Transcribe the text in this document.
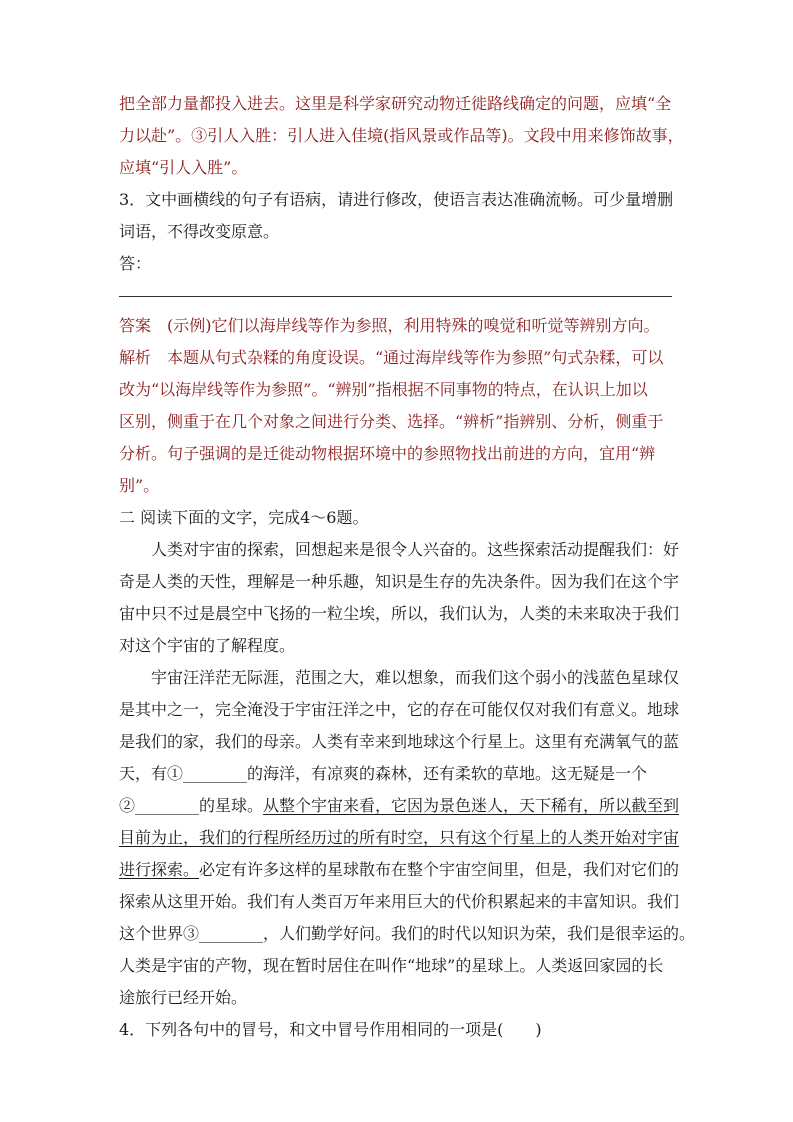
把全部力量都投入进去。这里是科学家研究动物迁徙路线确定的问题，应填“全
力以赴”。③引人入胜：引人进入佳境(指风景或作品等)。文段中用来修饰故事，
应填“引人入胜”。
3．文中画横线的句子有语病，请进行修改，使语言表达准确流畅。可少量增删
词语，不得改变原意。
答：
答案　(示例)它们以海岸线等作为参照，利用特殊的嗅觉和听觉等辨别方向。
解析　本题从句式杂糅的角度设误。“通过海岸线等作为参照”句式杂糅，可以
改为“以海岸线等作为参照”。“辨别”指根据不同事物的特点，在认识上加以
区别，侧重于在几个对象之间进行分类、选择。“辨析”指辨别、分析，侧重于
分析。句子强调的是迁徙动物根据环境中的参照物找出前进的方向，宜用“辨
别”。
二 阅读下面的文字，完成4～6题。
人类对宇宙的探索，回想起来是很令人兴奋的。这些探索活动提醒我们：好
奇是人类的天性，理解是一种乐趣，知识是生存的先决条件。因为我们在这个宇
宙中只不过是晨空中飞扬的一粒尘埃，所以，我们认为，人类的未来取决于我们
对这个宇宙的了解程度。
宇宙汪洋茫无际涯，范围之大，难以想象，而我们这个弱小的浅蓝色星球仅
是其中之一，完全淹没于宇宙汪洋之中，它的存在可能仅仅对我们有意义。地球
是我们的家，我们的母亲。人类有幸来到地球这个行星上。这里有充满氧气的蓝
天，有①________的海洋，有凉爽的森林，还有柔软的草地。这无疑是一个
②________的星球。从整个宇宙来看，它因为景色迷人，天下稀有，所以截至到
目前为止，我们的行程所经历过的所有时空，只有这个行星上的人类开始对宇宙
进行探索。必定有许多这样的星球散布在整个宇宙空间里，但是，我们对它们的
探索从这里开始。我们有人类百万年来用巨大的代价积累起来的丰富知识。我们
这个世界③________，人们勤学好问。我们的时代以知识为荣，我们是很幸运的。
人类是宇宙的产物，现在暂时居住在叫作“地球”的星球上。人类返回家园的长
途旅行已经开始。
4．下列各句中的冒号，和文中冒号作用相同的一项是(　　)
